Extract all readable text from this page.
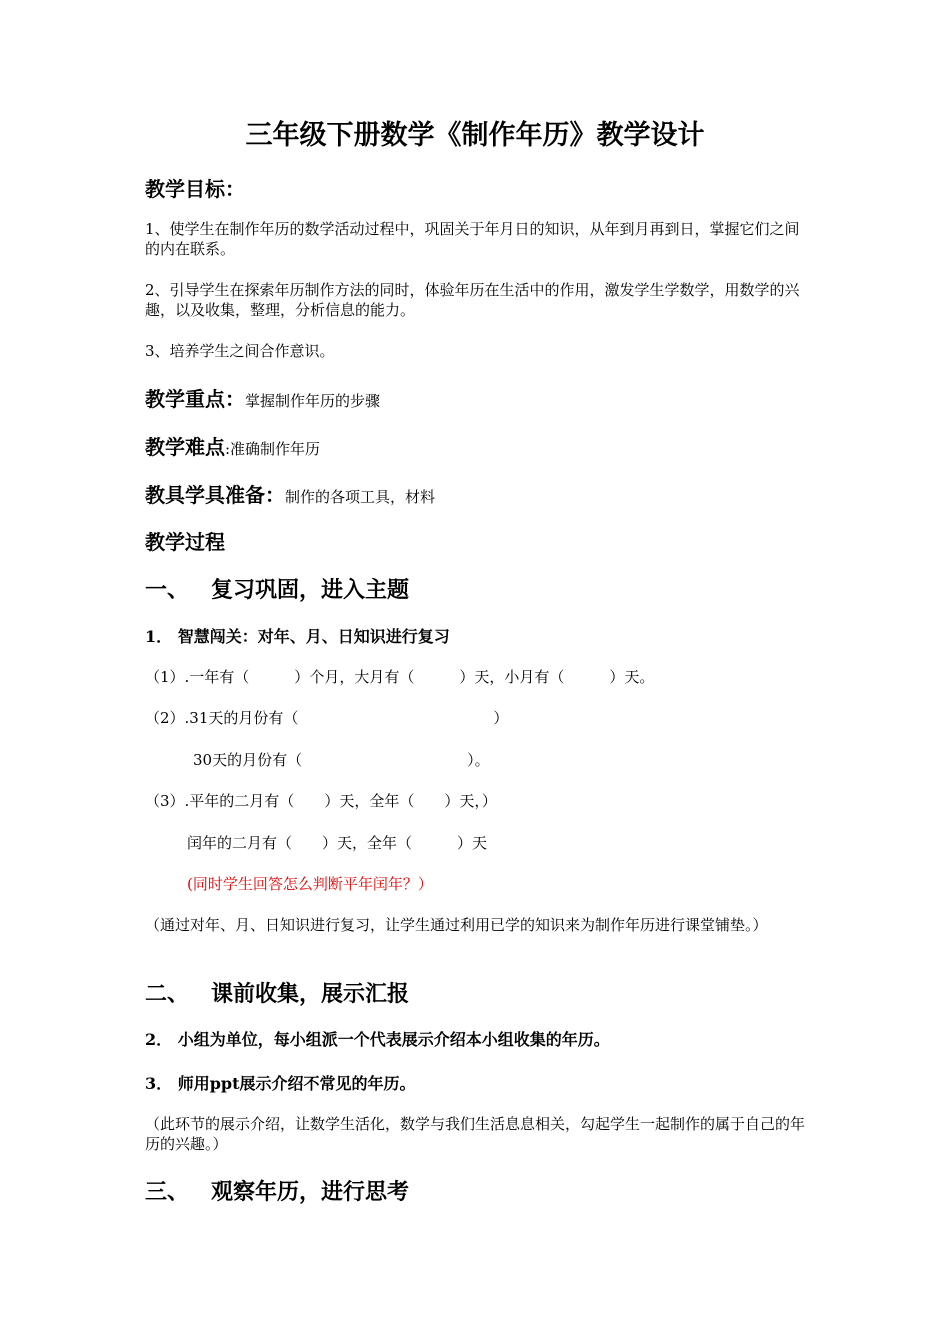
三年级下册数学《制作年历》教学设计
教学目标：
1、使学生在制作年历的数学活动过程中，巩固关于年月日的知识，从年到月再到日，掌握它们之间的内在联系。
2、引导学生在探索年历制作方法的同时，体验年历在生活中的作用，激发学生学数学，用数学的兴趣，以及收集，整理，分析信息的能力。
3、培养学生之间合作意识。
教学重点：掌握制作年历的步骤
教学难点:准确制作年历
教具学具准备：制作的各项工具，材料
教学过程
一、 复习巩固，进入主题
1． 智慧闯关：对年、月、日知识进行复习
（1）.一年有（　　　）个月，大月有（　　　）天，小月有（　　　）天。
（2）.31天的月份有（　　　　　　　　　　　　　）
30天的月份有（　　　　　　　　　　　）。
（3）.平年的二月有（　　）天，全年（　　）天，）
闰年的二月有（　　）天，全年（　　　）天
(同时学生回答怎么判断平年闰年？）
（通过对年、月、日知识进行复习，让学生通过利用已学的知识来为制作年历进行课堂铺垫。）
二、 课前收集，展示汇报
2． 小组为单位，每小组派一个代表展示介绍本小组收集的年历。
3． 师用ppt展示介绍不常见的年历。
（此环节的展示介绍，让数学生活化，数学与我们生活息息相关，勾起学生一起制作的属于自己的年历的兴趣。）
三、 观察年历，进行思考
